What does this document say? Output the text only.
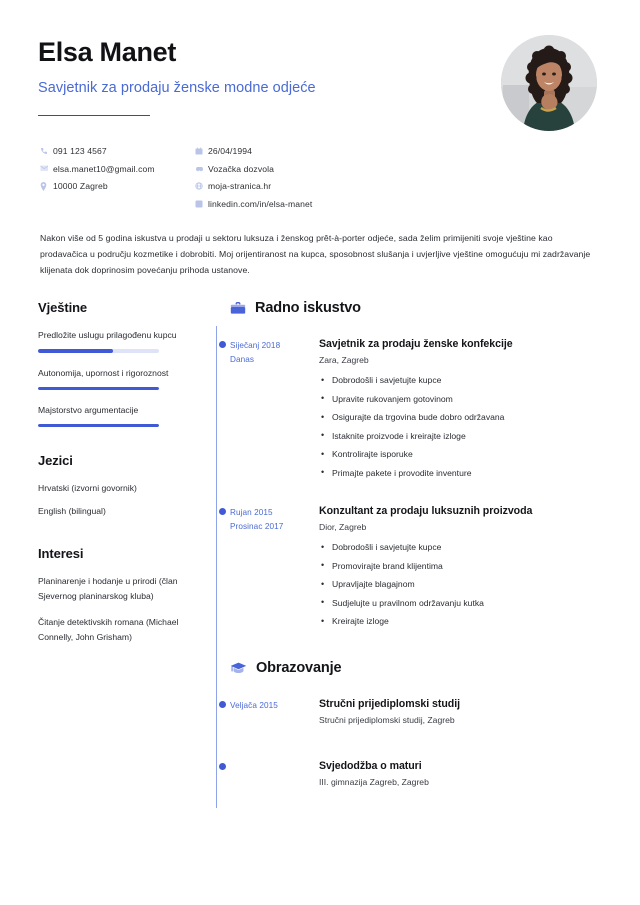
Elsa Manet
Savjetnik za prodaju ženske modne odjeće
091 123 4567
elsa.manet10@gmail.com
10000 Zagreb
26/04/1994
Vozačka dozvola
moja-stranica.hr
linkedin.com/in/elsa-manet
Nakon više od 5 godina iskustva u prodaji u sektoru luksuza i ženskog prêt-à-porter odjeće, sada želim primijeniti svoje vještine kao prodavačica u području kozmetike i dobrobiti. Moj orijentiranost na kupca, sposobnost slušanja i uvjerljive vještine omogućuju mi zadržavanje klijenata dok doprinosim povećanju prihoda ustanove.
Vještine
Predložite uslugu prilagođenu kupcu
Autonomija, upornost i rigoroznost
Majstorstvo argumentacije
Jezici
Hrvatski (izvorni govornik)
English (bilingual)
Interesi
Planinarenje i hodanje u prirodi (član Sjevernog planinarskog kluba)
Čitanje detektivskih romana (Michael Connelly, John Grisham)
Radno iskustvo
Siječanj 2018
Danas
Savjetnik za prodaju ženske konfekcije
Zara, Zagreb
• Dobrodošli i savjetujte kupce
• Upravite rukovanjem gotovinom
• Osigurajte da trgovina bude dobro održavana
• Istaknite proizvode i kreirajte izloge
• Kontrolirajte isporuke
• Primajte pakete i provodite inventure
Rujan 2015
Prosinac 2017
Konzultant za prodaju luksuznih proizvoda
Dior, Zagreb
• Dobrodošli i savjetujte kupce
• Promovirajte brand klijentima
• Upravljajte blagajnom
• Sudjelujte u pravilnom održavanju kutka
• Kreirajte izloge
Obrazovanje
Veljača 2015	Stručni prijediplomski studij
Stručni prijediplomski studij, Zagreb
Svjedodžba o maturi
III. gimnazija Zagreb, Zagreb
